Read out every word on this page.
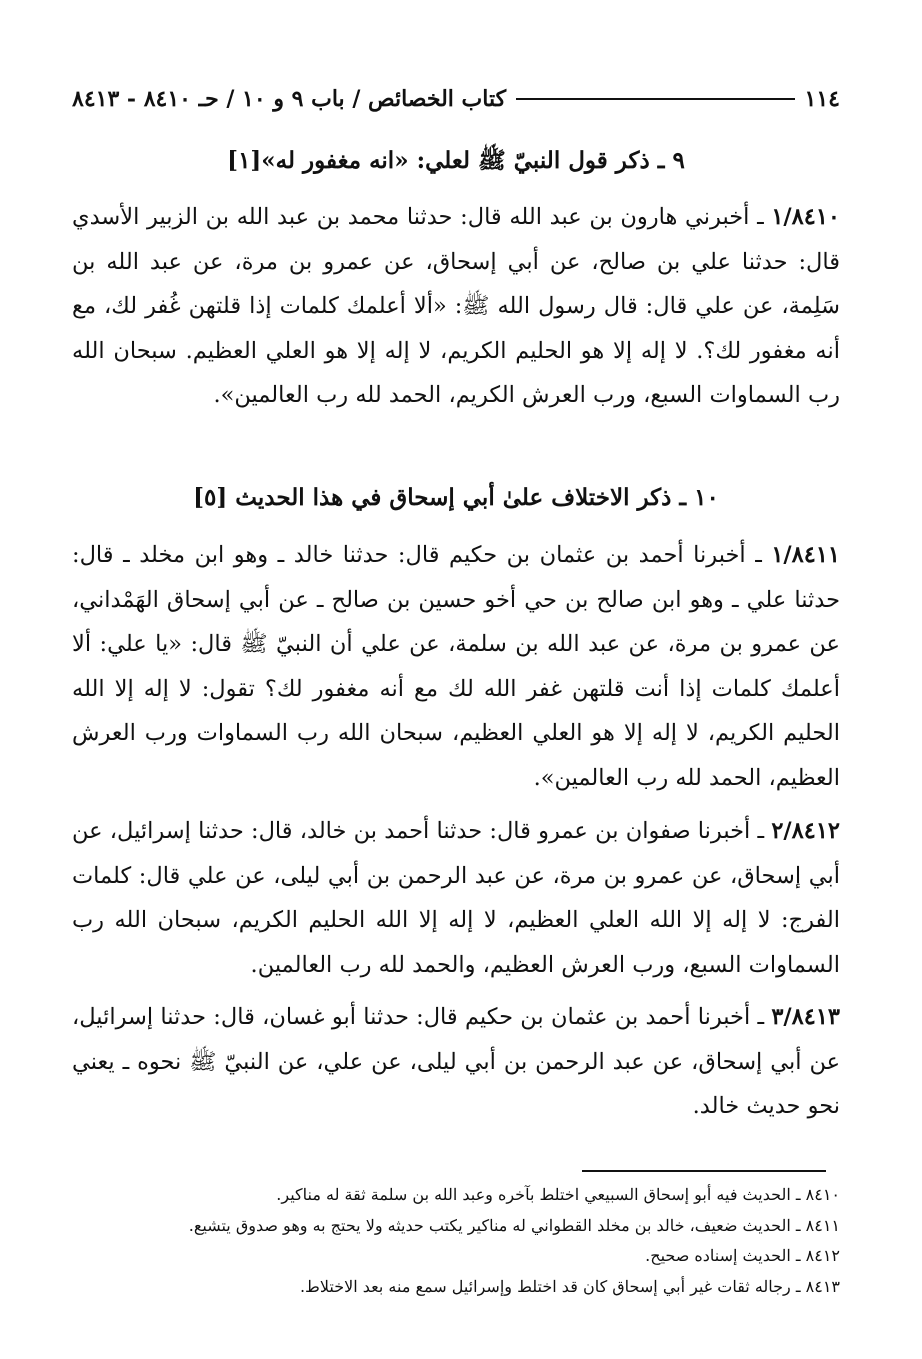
١١٤
كتاب الخصائص / باب ٩ و ١٠ / حـ ٨٤١٠ - ٨٤١٣
٩ ـ ذكر قول النبيّ ﷺ لعلي: «انه مغفور له»[١]
١/٨٤١٠ ـ أخبرني هارون بن عبد الله قال: حدثنا محمد بن عبد الله بن الزبير الأسدي قال: حدثنا علي بن صالح، عن أبي إسحاق، عن عمرو بن مرة، عن عبد الله بن سَلِمة، عن علي قال: قال رسول الله ﷺ: «ألا أعلمك كلمات إذا قلتهن غُفر لك، مع أنه مغفور لك؟. لا إله إلا هو الحليم الكريم، لا إله إلا هو العلي العظيم. سبحان الله رب السماوات السبع، ورب العرش الكريم، الحمد لله رب العالمين».
١٠ ـ ذكر الاختلاف علىٰ أبي إسحاق في هذا الحديث [٥]
١/٨٤١١ ـ أخبرنا أحمد بن عثمان بن حكيم قال: حدثنا خالد ـ وهو ابن مخلد ـ قال: حدثنا علي ـ وهو ابن صالح بن حي أخو حسين بن صالح ـ عن أبي إسحاق الهَمْداني، عن عمرو بن مرة، عن عبد الله بن سلمة، عن علي أن النبيّ ﷺ قال: «يا علي: ألا أعلمك كلمات إذا أنت قلتهن غفر الله لك مع أنه مغفور لك؟ تقول: لا إله إلا الله الحليم الكريم، لا إله إلا هو العلي العظيم، سبحان الله رب السماوات ورب العرش العظيم، الحمد لله رب العالمين».
٢/٨٤١٢ ـ أخبرنا صفوان بن عمرو قال: حدثنا أحمد بن خالد، قال: حدثنا إسرائيل، عن أبي إسحاق، عن عمرو بن مرة، عن عبد الرحمن بن أبي ليلى، عن علي قال: كلمات الفرج: لا إله إلا الله العلي العظيم، لا إله إلا الله الحليم الكريم، سبحان الله رب السماوات السبع، ورب العرش العظيم، والحمد لله رب العالمين.
٣/٨٤١٣ ـ أخبرنا أحمد بن عثمان بن حكيم قال: حدثنا أبو غسان، قال: حدثنا إسرائيل، عن أبي إسحاق، عن عبد الرحمن بن أبي ليلى، عن علي، عن النبيّ ﷺ نحوه ـ يعني نحو حديث خالد.
٨٤١٠ ـ الحديث فيه أبو إسحاق السبيعي اختلط بآخره وعبد الله بن سلمة ثقة له مناكير.
٨٤١١ ـ الحديث ضعيف، خالد بن مخلد القطواني له مناكير يكتب حديثه ولا يحتج به وهو صدوق يتشيع.
٨٤١٢ ـ الحديث إسناده صحيح.
٨٤١٣ ـ رجاله ثقات غير أبي إسحاق كان قد اختلط وإسرائيل سمع منه بعد الاختلاط.
